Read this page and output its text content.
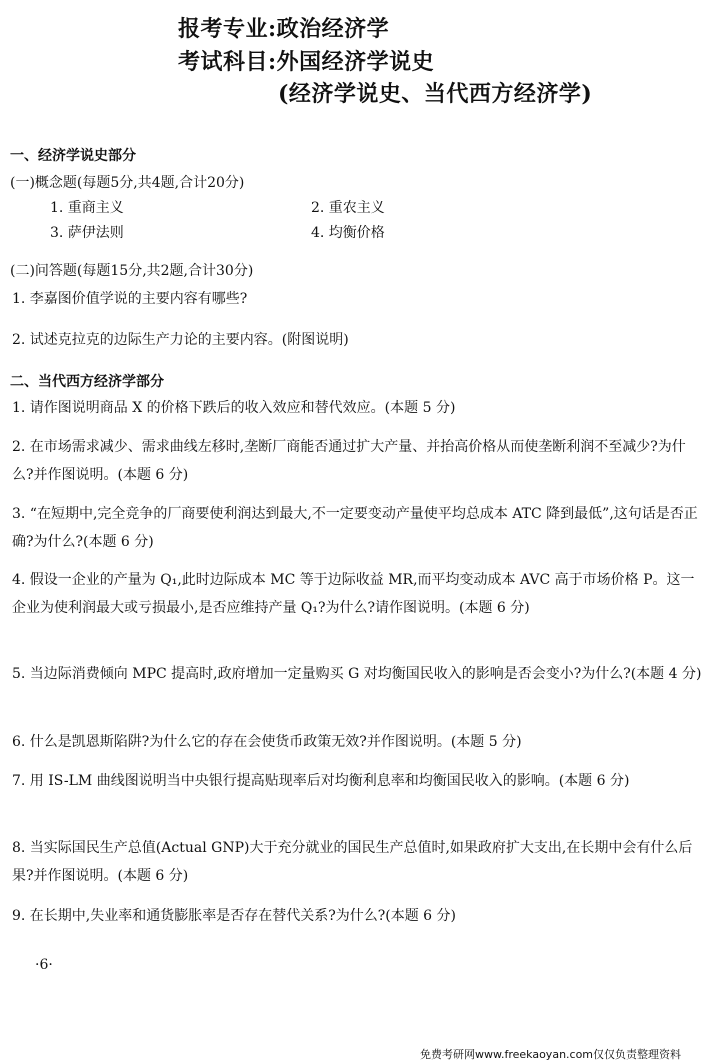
报考专业:政治经济学
考试科目:外国经济学说史
(经济学说史、当代西方经济学)
一、经济学说史部分
(一)概念题(每题5分,共4题,合计20分)
1. 重商主义	2. 重农主义
3. 萨伊法则	4. 均衡价格
(二)问答题(每题15分,共2题,合计30分)
1. 李嘉图价值学说的主要内容有哪些?
2. 试述克拉克的边际生产力论的主要内容。(附图说明)
二、当代西方经济学部分
1. 请作图说明商品 X 的价格下跌后的收入效应和替代效应。(本题 5 分)
2. 在市场需求减少、需求曲线左移时,垄断厂商能否通过扩大产量、并抬高价格从而使垄断利润不至减少?为什么?并作图说明。(本题 6 分)
3. “在短期中,完全竞争的厂商要使利润达到最大,不一定要变动产量使平均总成本 ATC 降到最低”,这句话是否正确?为什么?(本题 6 分)
4. 假设一企业的产量为 Q₁,此时边际成本 MC 等于边际收益 MR,而平均变动成本 AVC 高于市场价格 P。这一企业为使利润最大或亏损最小,是否应维持产量 Q₁?为什么?请作图说明。(本题 6 分)
5. 当边际消费倾向 MPC 提高时,政府增加一定量购买 G 对均衡国民收入的影响是否会变小?为什么?(本题 4 分)
6. 什么是凯恩斯陷阱?为什么它的存在会使货币政策无效?并作图说明。(本题 5 分)
7. 用 IS-LM 曲线图说明当中央银行提高贴现率后对均衡利息率和均衡国民收入的影响。(本题 6 分)
8. 当实际国民生产总值(Actual GNP)大于充分就业的国民生产总值时,如果政府扩大支出,在长期中会有什么后果?并作图说明。(本题 6 分)
9. 在长期中,失业率和通货膨胀率是否存在替代关系?为什么?(本题 6 分)
·6·
免费考研网www.freekaoyan.com仅仅负责整理资料
